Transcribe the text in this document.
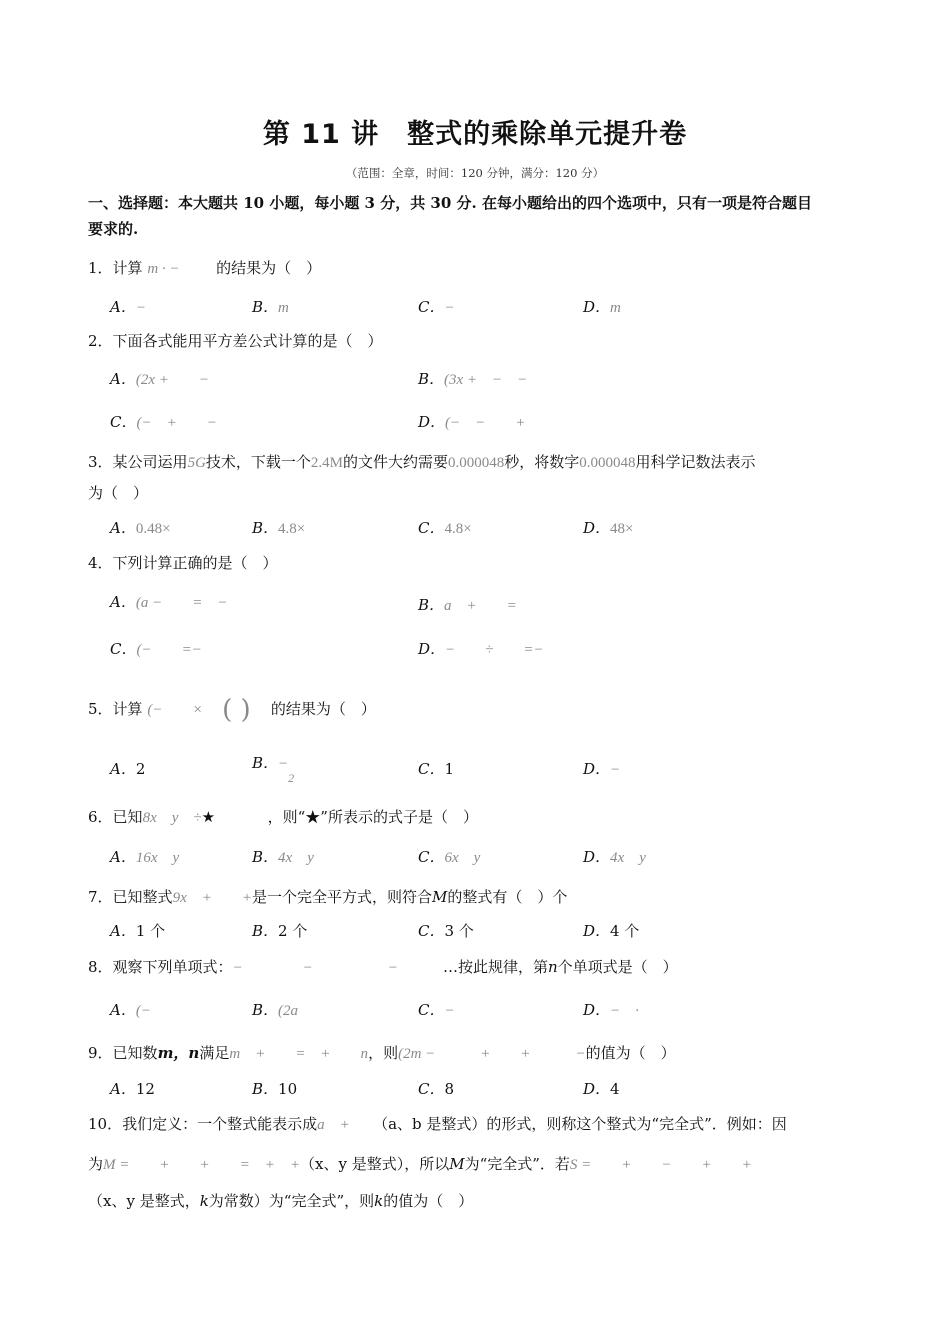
第 11 讲　整式的乘除单元提升卷
（范围：全章，时间：120 分钟，满分：120 分）
一、选择题：本大题共 10 小题，每小题 3 分，共 30 分. 在每小题给出的四个选项中，只有一项是符合题目
要求的.
1．计算 m · − 的结果为（　）
A．−	B．m	C．−	D．m
2．下面各式能用平方差公式计算的是（　）
A．(2x +　　−	B．(3x +　−　−
C．(−　+　　−	D．(−　−　　+
3．某公司运用5G技术，下载一个2.4M的文件大约需要0.000048秒，将数字0.000048用科学记数法表示
为（　）
A．0.48×	B．4.8×	C．4.8×	D．48×
4．下列计算正确的是（　）
A．(a −　　=　−	B．a　+　　=
C．(−　　=−	D．−　　÷　　=−
5．计算 (−　　× ( ) 的结果为（　）
A．2	B．$-_2$	C．1	D．−
6．已知8x　y　÷★	，则“★”所表示的式子是（　）
A．16x　y	B．4x　y	C．6x　y	D．4x　y
7．已知整式9x　+　　+是一个完全平方式，则符合M的整式有（　）个
A．1 个	B．2 个	C．3 个	D．4 个
8．观察下列单项式：−　　　　−　　　　　−　　　…按此规律，第n个单项式是（　）
A．(−	B．(2a	C．−	D．−　·
9．已知数m，n满足m　+　　=　+　　n，则(2m −　　　+　　+　　　−的值为（　）
A．12	B．10	C．8	D．4
10．我们定义：一个整式能表示成a　+ （a、b 是整式）的形式，则称这个整式为“完全式”．例如：因
为M =　　+　　+　　=　+　+（x、y 是整式），所以M为“完全式”．若S =　　+　　−　　+　　+
（x、y 是整式，k为常数）为“完全式”，则k的值为（　）
